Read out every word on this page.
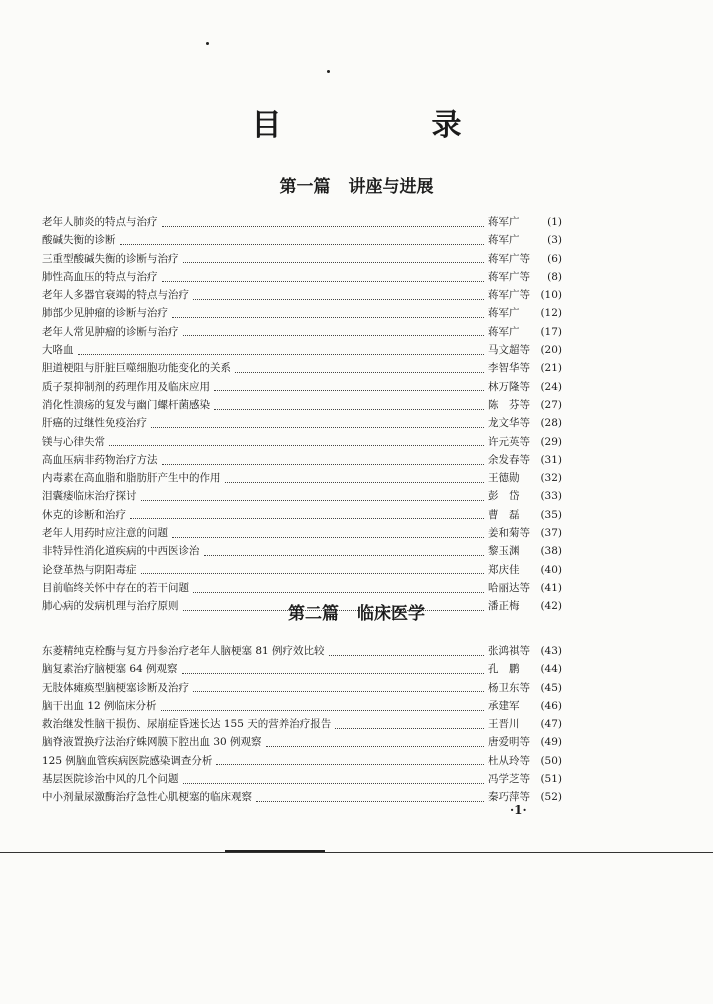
目　录
第一篇 讲座与进展
老年人肺炎的特点与治疗	蒋军广	(1)
酸碱失衡的诊断	蒋军广	(3)
三重型酸碱失衡的诊断与治疗	蒋军广等	(6)
肺性高血压的特点与治疗	蒋军广等	(8)
老年人多器官衰竭的特点与治疗	蒋军广等 (10)
肺部少见肿瘤的诊断与治疗	蒋军广	(12)
老年人常见肿瘤的诊断与治疗	蒋军广	(17)
大咯血	马文超等 (20)
胆道梗阻与肝脏巨噬细胞功能变化的关系	李智华等 (21)
质子泵抑制剂的药理作用及临床应用	林万隆等 (24)
消化性溃疡的复发与幽门螺杆菌感染	陈　芬等 (27)
肝癌的过继性免疫治疗	龙文华等 (28)
镁与心律失常	许元英等 (29)
高血压病非药物治疗方法	余发春等 (31)
内毒素在高血脂和脂肪肝产生中的作用	王德勋	(32)
泪囊瘘临床治疗探讨	彭　岱	(33)
休克的诊断和治疗	曹　磊	(35)
老年人用药时应注意的问题	姜和菊等 (37)
非特异性消化道疾病的中西医诊治	黎玉渊	(38)
论登革热与阴阳毒症	郑庆佳	(40)
目前临终关怀中存在的若干问题	哈丽达等 (41)
肺心病的发病机理与治疗原则	潘正梅	(42)
第二篇 临床医学
东菱精纯克栓酶与复方丹参治疗老年人脑梗塞 81 例疗效比较	张鸿祺等 (43)
脑复素治疗脑梗塞 64 例观察	孔　鹏	(44)
无肢体瘫痪型脑梗塞诊断及治疗	杨卫东等 (45)
脑干出血 12 例临床分析	承建军	(46)
救治继发性脑干损伤、尿崩症昏迷长达 155 天的营养治疗报告	王晋川	(47)
脑脊液置换疗法治疗蛛网膜下腔出血 30 例观察	唐爱明等 (49)
125 例脑血管疾病医院感染调查分析	杜从玲等 (50)
基层医院诊治中风的几个问题	冯学芝等 (51)
中小剂量尿激酶治疗急性心肌梗塞的临床观察	秦巧萍等 (52)
·1·
